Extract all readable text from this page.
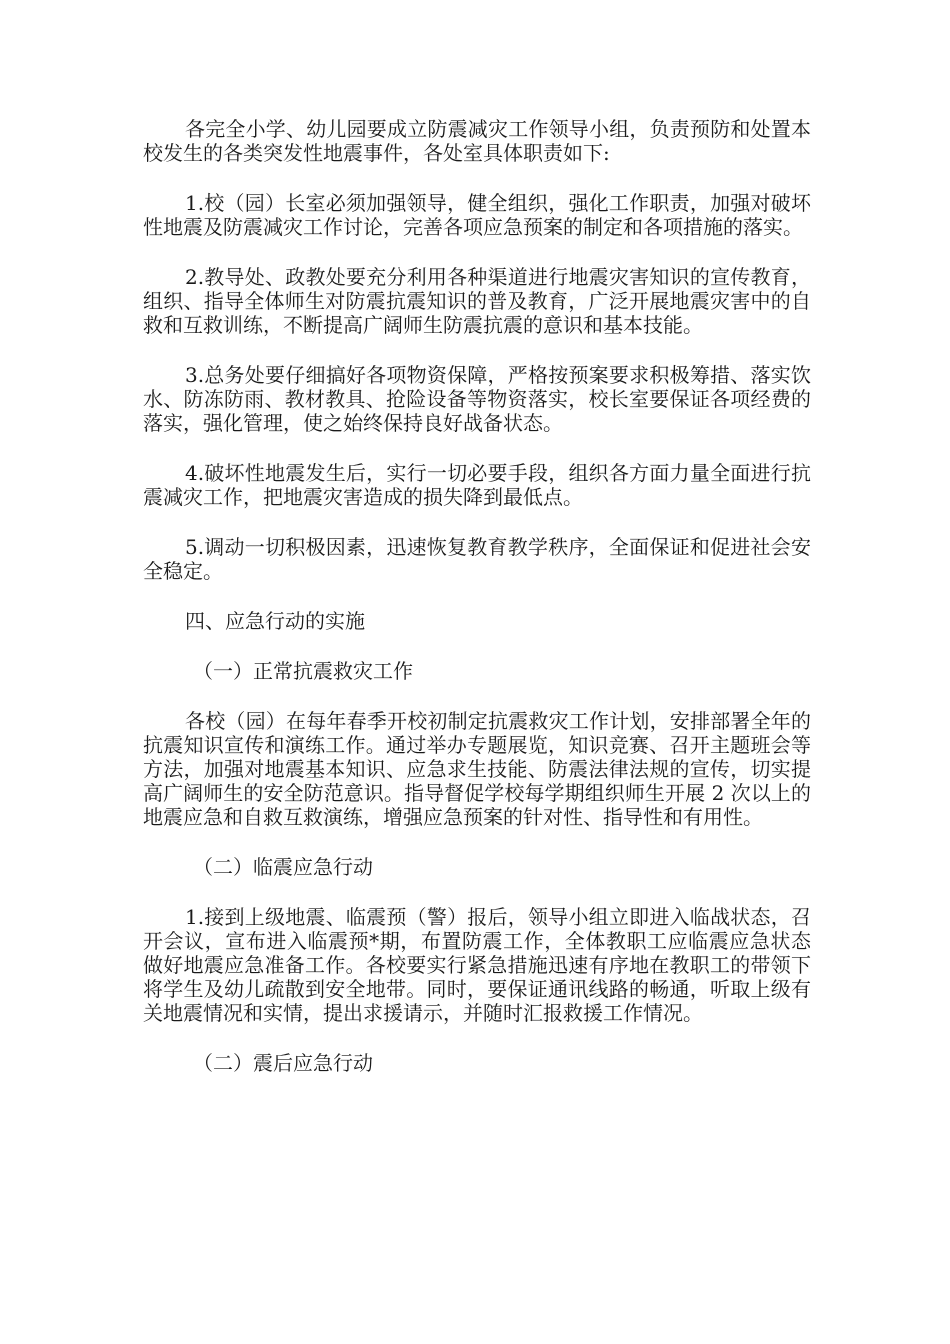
各完全小学、幼儿园要成立防震减灾工作领导小组，负责预防和处置本校发生的各类突发性地震事件，各处室具体职责如下:

1.校（园）长室必须加强领导，健全组织，强化工作职责，加强对破坏性地震及防震减灾工作讨论，完善各项应急预案的制定和各项措施的落实。

2.教导处、政教处要充分利用各种渠道进行地震灾害知识的宣传教育，组织、指导全体师生对防震抗震知识的普及教育，广泛开展地震灾害中的自救和互救训练，不断提高广阔师生防震抗震的意识和基本技能。

3.总务处要仔细搞好各项物资保障，严格按预案要求积极筹措、落实饮水、防冻防雨、教材教具、抢险设备等物资落实，校长室要保证各项经费的落实，强化管理，使之始终保持良好战备状态。

4.破坏性地震发生后，实行一切必要手段，组织各方面力量全面进行抗震减灾工作，把地震灾害造成的损失降到最低点。

5.调动一切积极因素，迅速恢复教育教学秩序，全面保证和促进社会安全稳定。

四、应急行动的实施

（一）正常抗震救灾工作

各校（园）在每年春季开校初制定抗震救灾工作计划，安排部署全年的抗震知识宣传和演练工作。通过举办专题展览，知识竞赛、召开主题班会等方法，加强对地震基本知识、应急求生技能、防震法律法规的宣传，切实提高广阔师生的安全防范意识。指导督促学校每学期组织师生开展 2 次以上的地震应急和自救互救演练，增强应急预案的针对性、指导性和有用性。

（二）临震应急行动

1.接到上级地震、临震预（警）报后，领导小组立即进入临战状态，召开会议，宣布进入临震预*期，布置防震工作，全体教职工应临震应急状态做好地震应急准备工作。各校要实行紧急措施迅速有序地在教职工的带领下将学生及幼儿疏散到安全地带。同时，要保证通讯线路的畅通，听取上级有关地震情况和实情，提出求援请示，并随时汇报救援工作情况。

（二）震后应急行动
